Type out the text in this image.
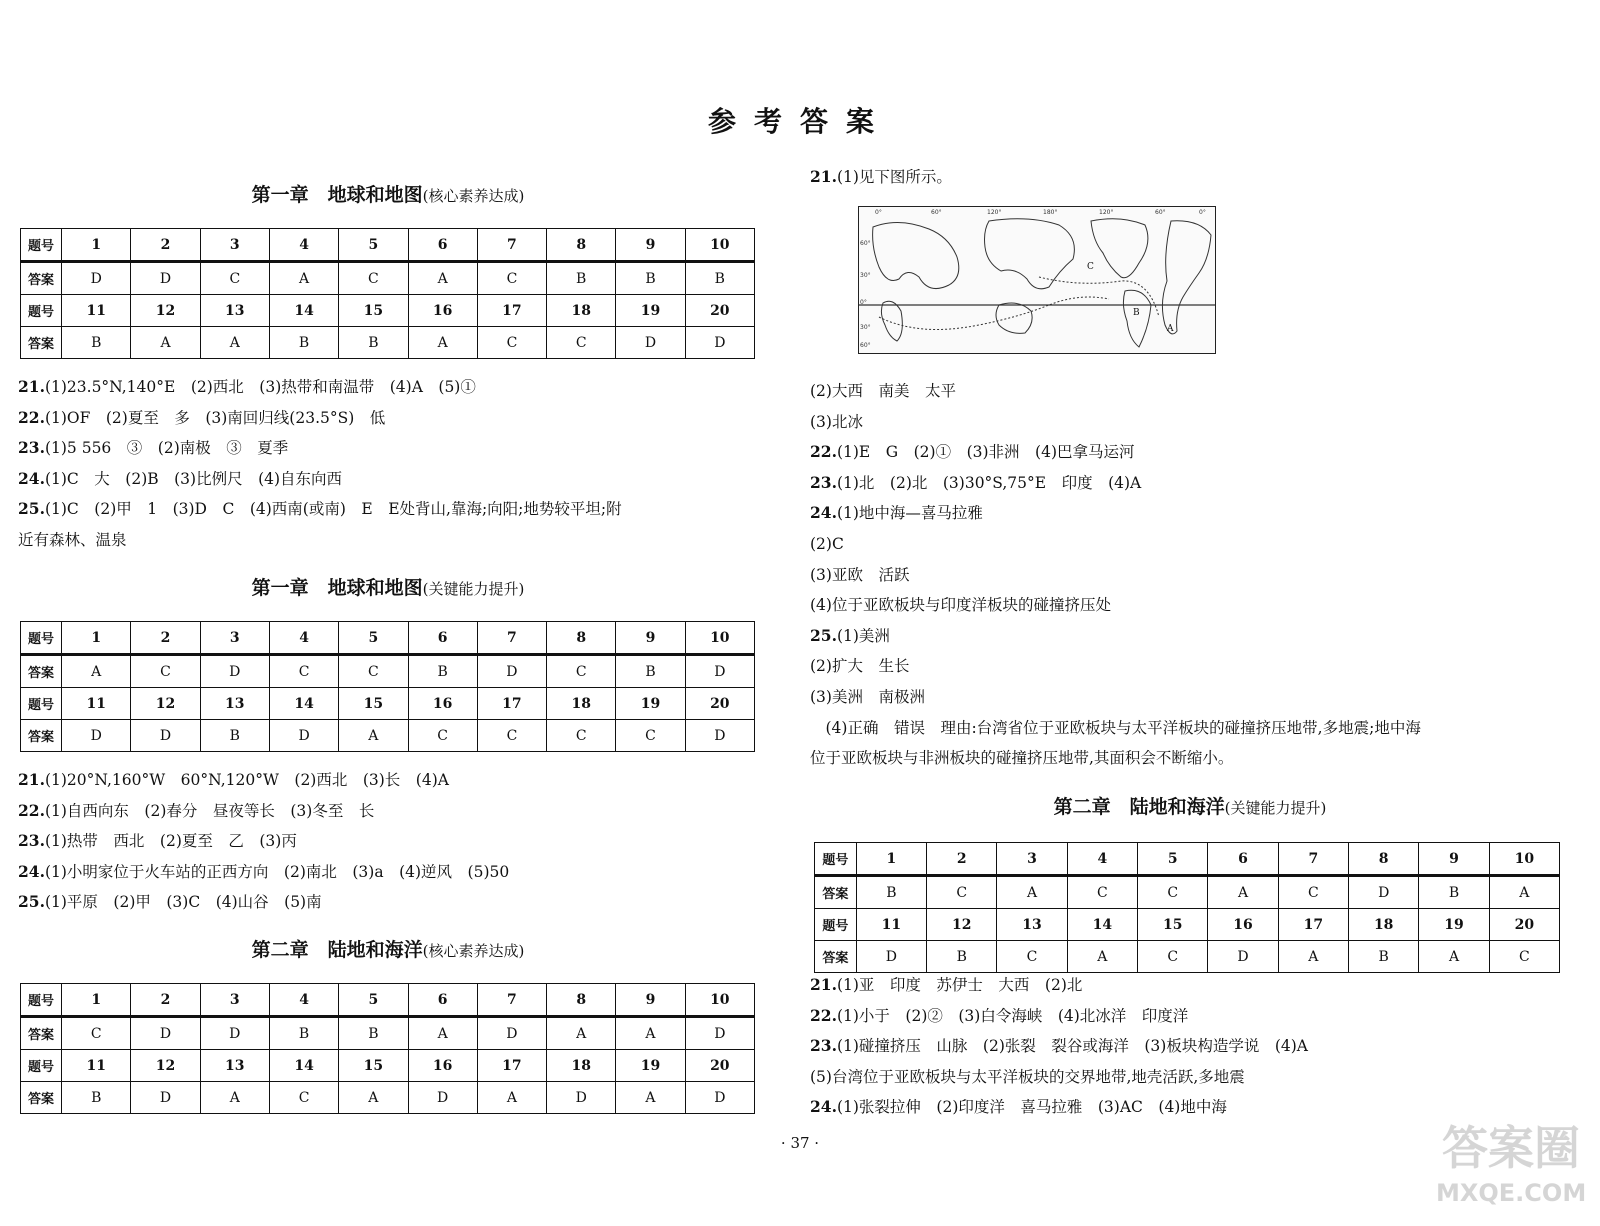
参考答案
第一章　地球和地图(核心素养达成)
题号	1	2	3	4	5	6	7	8	9	10
答案	D	D	C	A	C	A	C	B	B	B
题号	11	12	13	14	15	16	17	18	19	20
答案	B	A	A	B	B	A	C	C	D	D
21.(1)23.5°N,140°E　(2)西北　(3)热带和南温带　(4)A　(5)①
22.(1)OF　(2)夏至　多　(3)南回归线(23.5°S)　低
23.(1)5 556　③　(2)南极　③　夏季
24.(1)C　大　(2)B　(3)比例尺　(4)自东向西
25.(1)C　(2)甲　1　(3)D　C　(4)西南(或南)　E　E处背山,靠海;向阳;地势较平坦;附
近有森林、温泉
第一章　地球和地图(关键能力提升)
题号	1	2	3	4	5	6	7	8	9	10
答案	A	C	D	C	C	B	D	C	B	D
题号	11	12	13	14	15	16	17	18	19	20
答案	D	D	B	D	A	C	C	C	C	D
21.(1)20°N,160°W　60°N,120°W　(2)西北　(3)长　(4)A
22.(1)自西向东　(2)春分　昼夜等长　(3)冬至　长
23.(1)热带　西北　(2)夏至　乙　(3)丙
24.(1)小明家位于火车站的正西方向　(2)南北　(3)a　(4)逆风　(5)50
25.(1)平原　(2)甲　(3)C　(4)山谷　(5)南
第二章　陆地和海洋(核心素养达成)
题号	1	2	3	4	5	6	7	8	9	10
答案	C	D	D	B	B	A	D	A	A	D
题号	11	12	13	14	15	16	17	18	19	20
答案	B	D	A	C	A	D	A	D	A	D
21.(1)见下图所示。
0°	60°	120°	180°	120°	60°	0°
60°
30°
0°
30°
60°
C
B
A
(2)大西　南美　太平
(3)北冰
22.(1)E　G　(2)①　(3)非洲　(4)巴拿马运河
23.(1)北　(2)北　(3)30°S,75°E　印度　(4)A
24.(1)地中海—喜马拉雅
(2)C
(3)亚欧　活跃
(4)位于亚欧板块与印度洋板块的碰撞挤压处
25.(1)美洲
(2)扩大　生长
(3)美洲　南极洲
　(4)正确　错误　理由:台湾省位于亚欧板块与太平洋板块的碰撞挤压地带,多地震;地中海
位于亚欧板块与非洲板块的碰撞挤压地带,其面积会不断缩小。
第二章　陆地和海洋(关键能力提升)
题号	1	2	3	4	5	6	7	8	9	10
答案	B	C	A	C	C	A	C	D	B	A
题号	11	12	13	14	15	16	17	18	19	20
答案	D	B	C	A	C	D	A	B	A	C
21.(1)亚　印度　苏伊士　大西　(2)北
22.(1)小于　(2)②　(3)白令海峡　(4)北冰洋　印度洋
23.(1)碰撞挤压　山脉　(2)张裂　裂谷或海洋　(3)板块构造学说　(4)A
(5)台湾位于亚欧板块与太平洋板块的交界地带,地壳活跃,多地震
24.(1)张裂拉伸　(2)印度洋　喜马拉雅　(3)AC　(4)地中海
· 37 ·	答案圈
MXQE.COM
